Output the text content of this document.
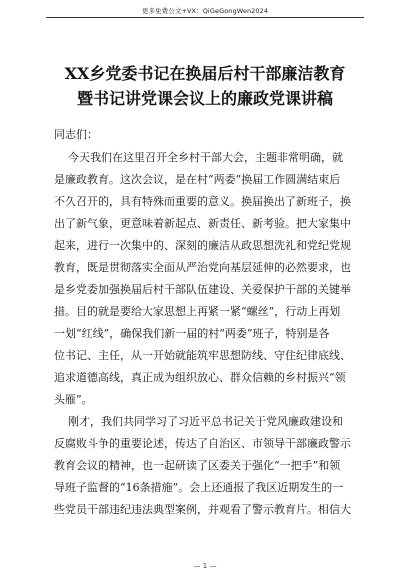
更多免费公文+VX：QiGeGongWen2024
XX乡党委书记在换届后村干部廉洁教育
暨书记讲党课会议上的廉政党课讲稿
同志们：
今天我们在这里召开全乡村干部大会，主题非常明确，就
是廉政教育。这次会议，是在村“两委”换届工作圆满结束后
不久召开的，具有特殊而重要的意义。换届换出了新班子，换
出了新气象，更意味着新起点、新责任、新考验。把大家集中
起来，进行一次集中的、深刻的廉洁从政思想洗礼和党纪党规
教育，既是贯彻落实全面从严治党向基层延伸的必然要求，也
是乡党委加强换届后村干部队伍建设、关爱保护干部的关键举
措。目的就是要给大家思想上再紧一紧“螺丝”，行动上再划
一划“红线”，确保我们新一届的村“两委”班子，特别是各
位书记、主任，从一开始就能筑牢思想防线、守住纪律底线、
追求道德高线，真正成为组织放心、群众信赖的乡村振兴“领
头雁”。
刚才，我们共同学习了习近平总书记关于党风廉政建设和
反腐败斗争的重要论述，传达了自治区、市领导干部廉政警示
教育会议的精神，也一起研读了区委关于强化“一把手”和领
导班子监督的“16条措施”。会上还通报了我区近期发生的一
些党员干部违纪违法典型案例，并观看了警示教育片。相信大
— 1 —
